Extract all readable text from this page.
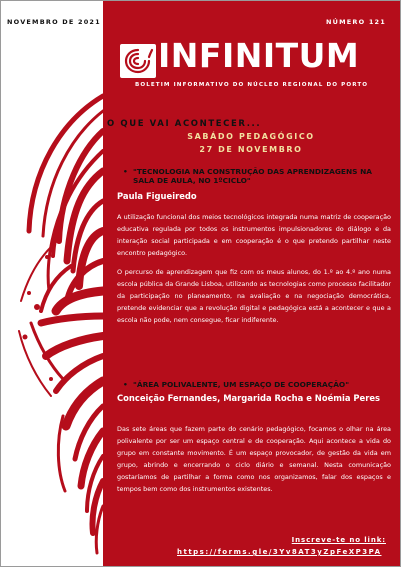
NOVEMBRO DE 2021	NÚMERO 121
INFINITUM
BOLETIM INFORMATIVO DO NÚCLEO REGIONAL DO PORTO
O QUE VAI ACONTECER...
SABÁDO PEDAGÓGICO
27 DE NOVEMBRO
• "TECNOLOGIA NA CONSTRUÇÃO DAS APRENDIZAGENS NA SALA DE AULA, NO 1ºCICLO"
Paula Figueiredo
A utilização funcional dos meios tecnológicos integrada numa matriz de cooperação educativa regulada por todos os instrumentos impulsionadores do diálogo e da interação social participada e em cooperação é o que pretendo partilhar neste encontro pedagógico.
O percurso de aprendizagem que fiz com os meus alunos, do 1.º ao 4.º ano numa escola pública da Grande Lisboa, utilizando as tecnologias como processo facilitador da participação no planeamento, na avaliação e na negociação democrática, pretende evidenciar que a revolução digital e pedagógica está a acontecer e que a escola não pode, nem consegue, ficar indiferente.
• "ÁREA POLIVALENTE, UM ESPAÇO DE COOPERAÇÃO"
Conceição Fernandes, Margarida Rocha e Noémia Peres
Das sete áreas que fazem parte do cenário pedagógico, focamos o olhar na área polivalente por ser um espaço central e de cooperação. Aqui acontece a vida do grupo em constante movimento. É um espaço provocador, de gestão da vida em grupo, abrindo e encerrando o ciclo diário e semanal. Nesta comunicação gostaríamos de partilhar a forma como nos organizamos, falar dos espaços e tempos bem como dos instrumentos existentes.
Inscreve-te no link:
https://forms.gle/3Yv8AT3yZpFeXP3PA
